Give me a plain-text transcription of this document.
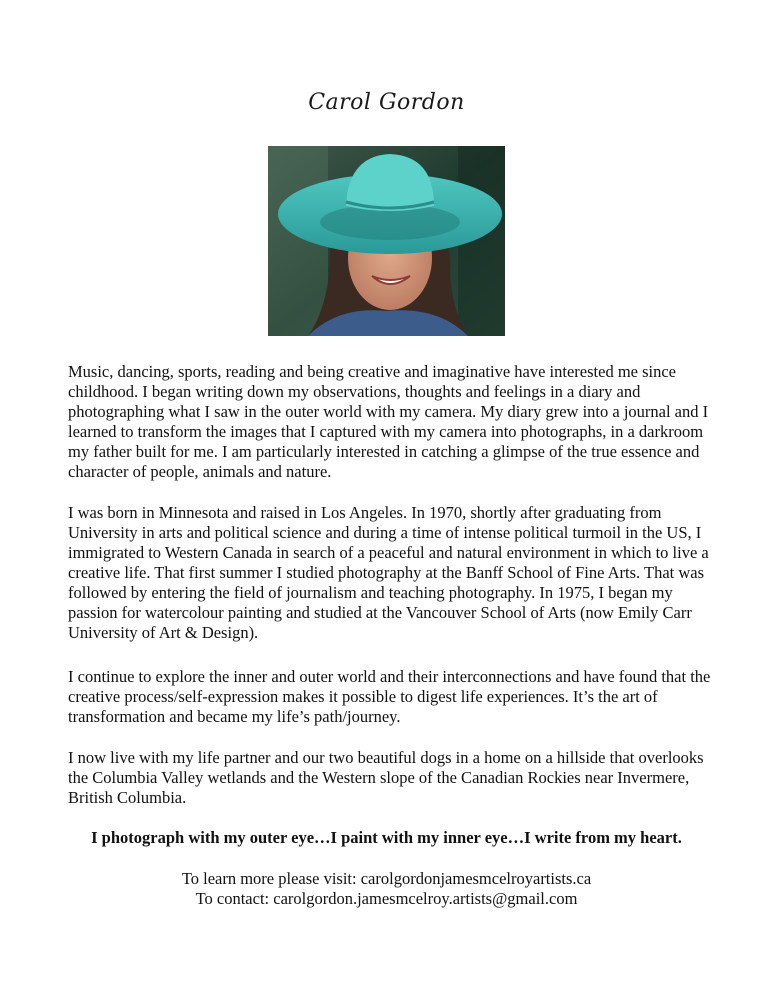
Carol Gordon

Music, dancing, sports, reading and being creative and imaginative have interested me since childhood. I began writing down my observations, thoughts and feelings in a diary and photographing what I saw in the outer world with my camera. My diary grew into a journal and I learned to transform the images that I captured with my camera into photographs, in a darkroom my father built for me. I am particularly interested in catching a glimpse of the true essence and character of people, animals and nature.

I was born in Minnesota and raised in Los Angeles. In 1970, shortly after graduating from University in arts and political science and during a time of intense political turmoil in the US, I immigrated to Western Canada in search of a peaceful and natural environment in which to live a creative life. That first summer I studied photography at the Banff School of Fine Arts. That was followed by entering the field of journalism and teaching photography. In 1975, I began my passion for watercolour painting and studied at the Vancouver School of Arts (now Emily Carr University of Art & Design).

I continue to explore the inner and outer world and their interconnections and have found that the creative process/self-expression makes it possible to digest life experiences. It’s the art of transformation and became my life’s path/journey.

I now live with my life partner and our two beautiful dogs in a home on a hillside that overlooks the Columbia Valley wetlands and the Western slope of the Canadian Rockies near Invermere, British Columbia.

I photograph with my outer eye…I paint with my inner eye…I write from my heart.
To learn more please visit: carolgordonjamesmcelroyartists.ca
To contact: carolgordon.jamesmcelroy.artists@gmail.com
